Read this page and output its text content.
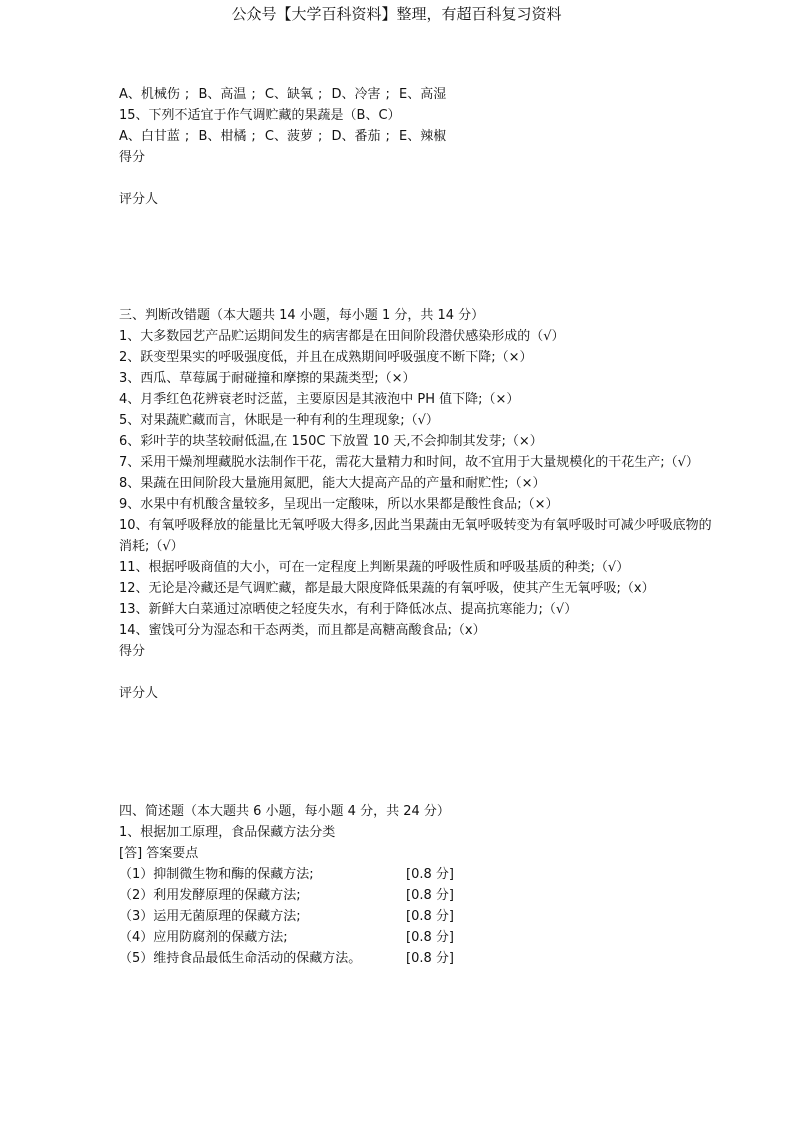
公众号【大学百科资料】整理，有超百科复习资料
A、机械伤 ; B、高温 ; C、缺氧 ; D、冷害 ; E、高湿
15、下列不适宜于作气调贮藏的果蔬是（B、C）
A、白甘蓝 ; B、柑橘 ; C、菠萝 ; D、番茄 ; E、辣椒
得分
评分人
三、判断改错题（本大题共 14 小题，每小题 1 分，共 14 分）
1、大多数园艺产品贮运期间发生的病害都是在田间阶段潜伏感染形成的（√）
2、跃变型果实的呼吸强度低，并且在成熟期间呼吸强度不断下降;（×）
3、西瓜、草莓属于耐碰撞和摩擦的果蔬类型;（×）
4、月季红色花辨衰老时泛蓝，主要原因是其液泡中 PH 值下降;（×）
5、对果蔬贮藏而言，休眠是一种有利的生理现象;（√）
6、彩叶芋的块茎较耐低温,在 150C 下放置 10 天,不会抑制其发芽;（×）
7、采用干燥剂埋藏脱水法制作干花，需花大量精力和时间，故不宜用于大量规模化的干花生产;（√）
8、果蔬在田间阶段大量施用氮肥，能大大提高产品的产量和耐贮性;（×）
9、水果中有机酸含量较多，呈现出一定酸味，所以水果都是酸性食品;（×）
10、有氧呼吸释放的能量比无氧呼吸大得多,因此当果蔬由无氧呼吸转变为有氧呼吸时可减少呼吸底物的消耗;（√）
11、根据呼吸商值的大小，可在一定程度上判断果蔬的呼吸性质和呼吸基质的种类;（√）
12、无论是冷藏还是气调贮藏，都是最大限度降低果蔬的有氧呼吸，使其产生无氧呼吸;（x）
13、新鲜大白菜通过凉晒使之轻度失水，有利于降低冰点、提高抗寒能力;（√）
14、蜜饯可分为湿态和干态两类，而且都是高糖高酸食品;（x）
得分
评分人
四、简述题（本大题共 6 小题，每小题 4 分，共 24 分）
1、根据加工原理，食品保藏方法分类
[答] 答案要点
（1）抑制微生物和酶的保藏方法;	[0.8 分]
（2）利用发酵原理的保藏方法;	[0.8 分]
（3）运用无菌原理的保藏方法;	[0.8 分]
（4）应用防腐剂的保藏方法;	[0.8 分]
（5）维持食品最低生命活动的保藏方法。	[0.8 分]
